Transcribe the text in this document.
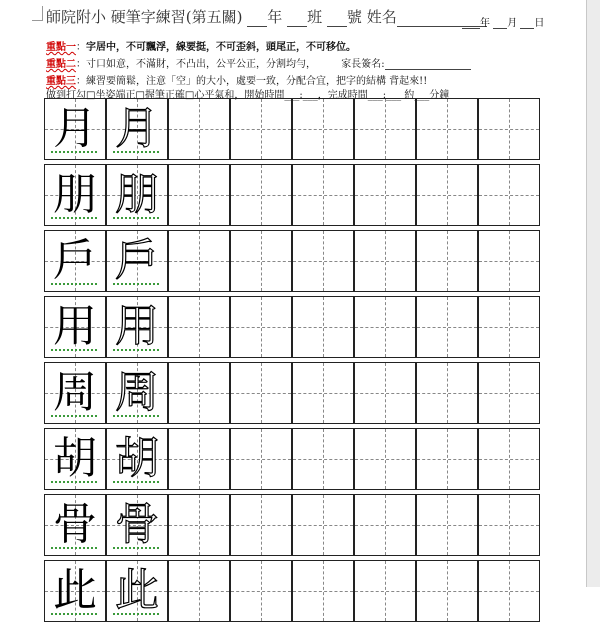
師院附小 硬筆字練習(第五關) 年 班 號 姓名	年 月 日
重點一：字居中，不可飄浮，線要挺，不可歪斜，頭尾正，不可移位。
重點二：寸口如意，不滿財，不凸出，公平公正，分割均勻，	家長簽名:
重點三：練習要簡鬆，注意「空」的大小，處要一致，分配合宜，把字的結構 背起來!!
做到打勾□坐姿端正□握筆正確□心平氣和，開始時間___:___，完成時間___:___ 約___分鐘
月 月
朋 朋
戶 戶
用 用
周 周
胡 胡
骨 骨
此 此
